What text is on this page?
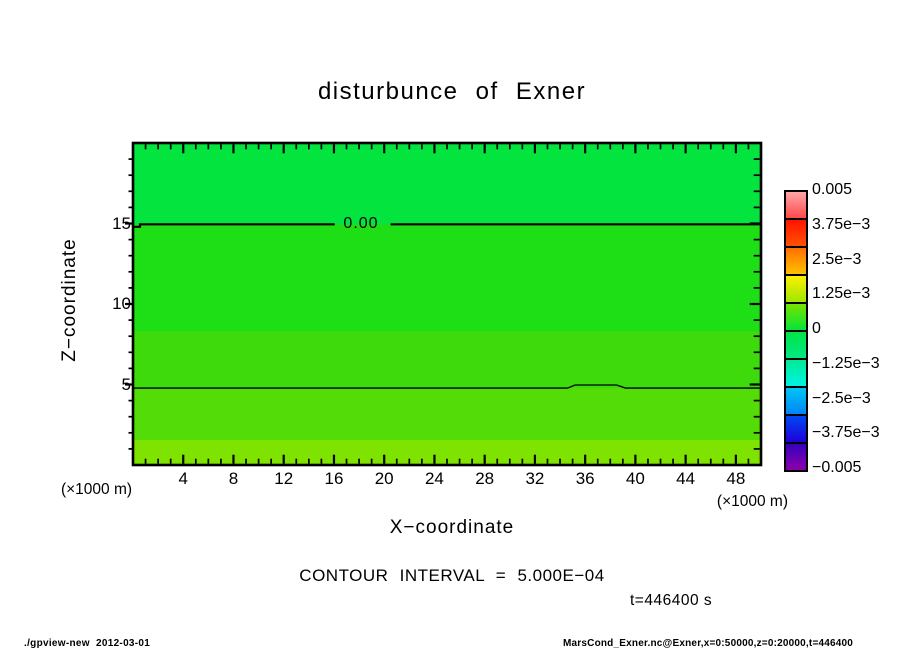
disturbunce of Exner
0.00
Z−coordinate
X−coordinate
(×1000 m)
(×1000 m)
CONTOUR INTERVAL = 5.000E−04
t=446400 s
./gpview-new  2012-03-01	MarsCond_Exner.nc@Exner,x=0:50000,z=0:20000,t=446400
4	8	12	16	20	24	28	32	36	40	44	48
5
10
15
0.005
3.75e−3
2.5e−3
1.25e−3
0
−1.25e−3
−2.5e−3
−3.75e−3
−0.005
